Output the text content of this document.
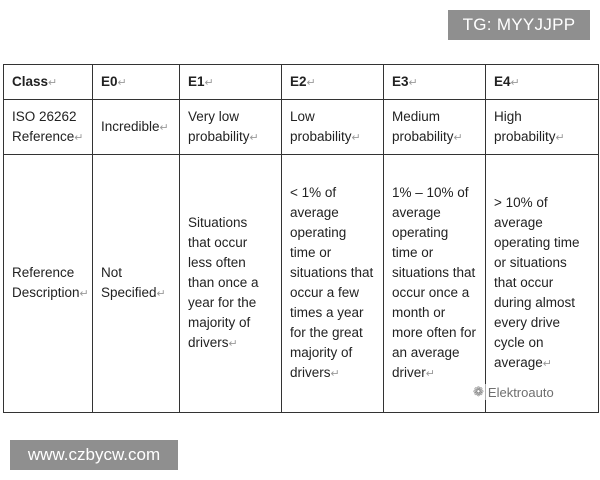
TG: MYYJJPP
Class↵	E0↵	E1↵	E2↵	E3↵	E4↵
ISO 26262 Reference↵	Incredible↵	Very low probability↵	Low probability↵	Medium probability↵	High probability↵
Reference Description↵	Not Specified↵	Situations that occur less often than once a year for the majority of drivers↵	< 1% of average operating time or situations that occur a few times a year for the great majority of drivers↵	1% – 10% of average operating time or situations that occur once a month or more often for an average driver↵	> 10% of average operating time or situations that occur during almost every drive cycle on average↵
❁ Elektroauto
www.czbycw.com
